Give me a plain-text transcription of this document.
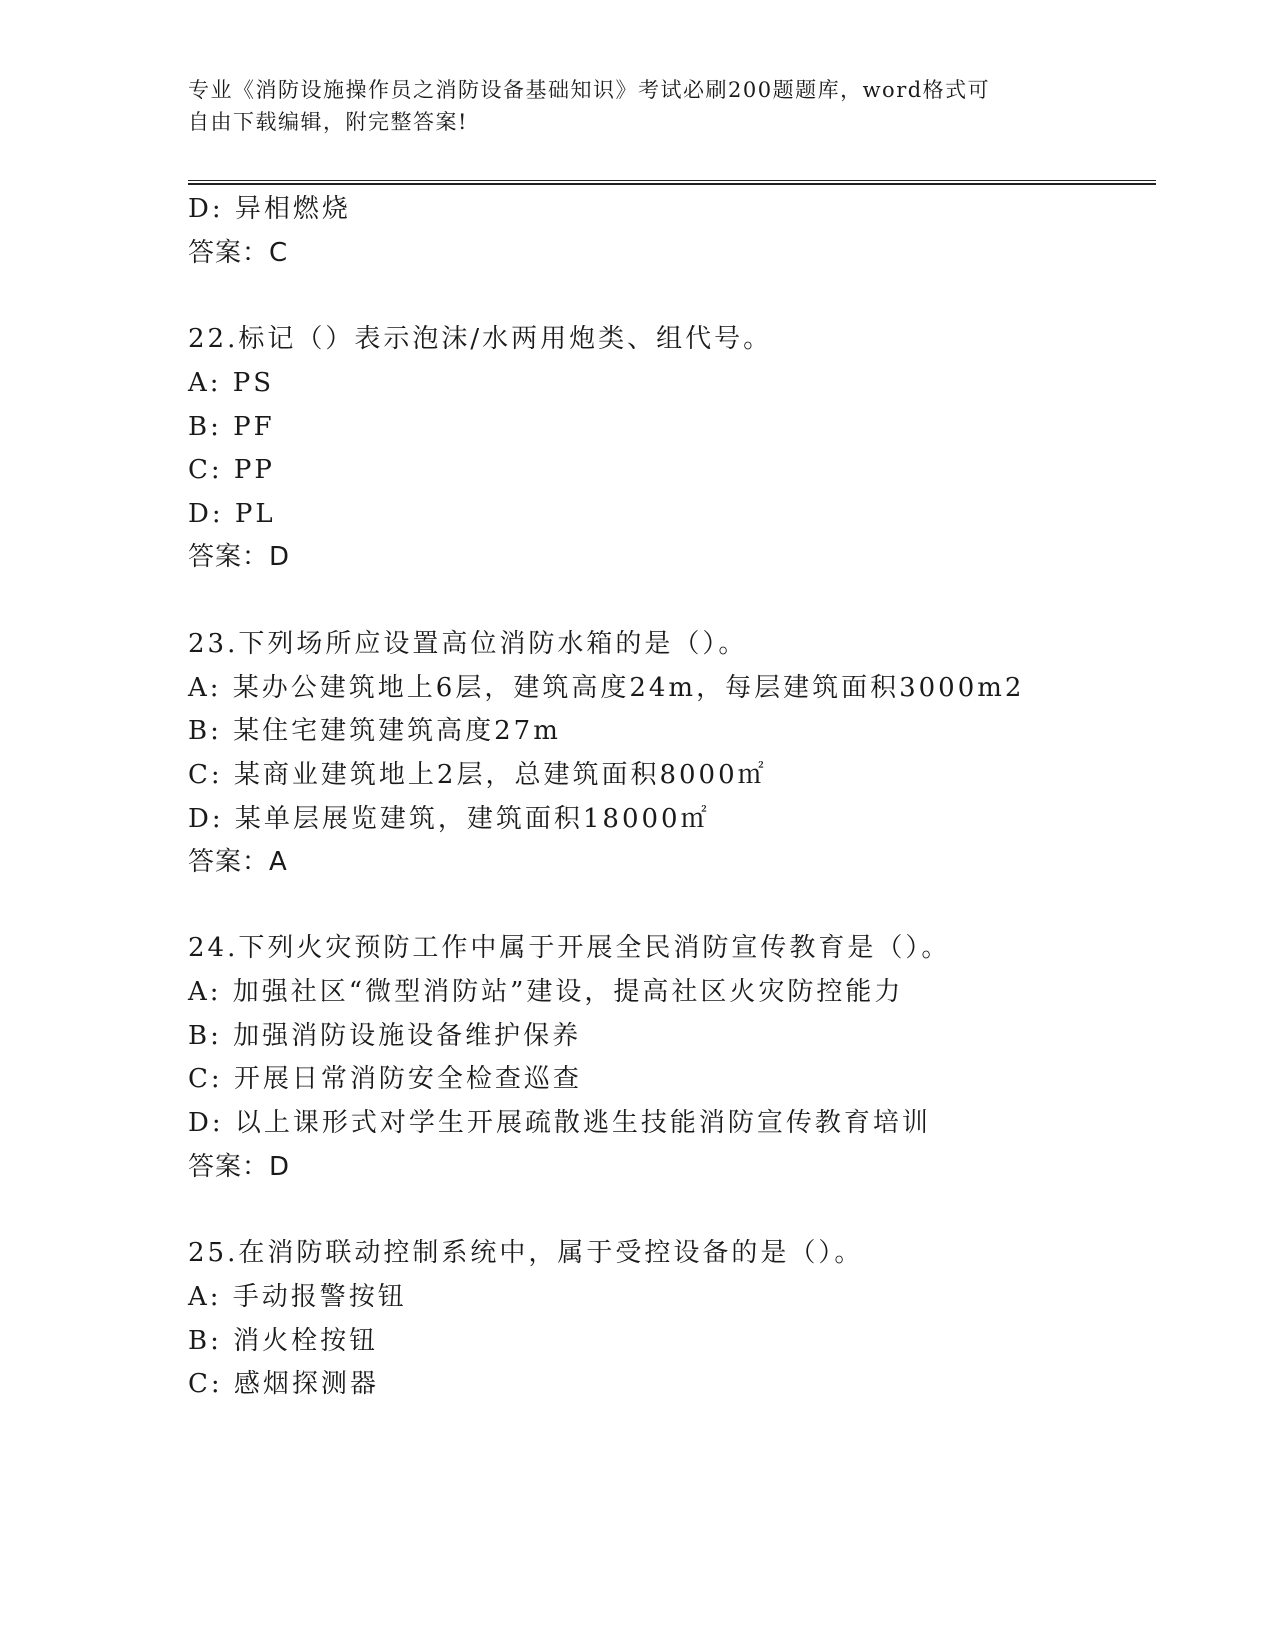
专业《消防设施操作员之消防设备基础知识》考试必刷200题题库，word格式可
自由下载编辑，附完整答案!
D: 异相燃烧
答案：C
22.标记（）表示泡沫/水两用炮类、组代号。
A: PS
B: PF
C: PP
D: PL
答案：D
23.下列场所应设置高位消防水箱的是（）。
A: 某办公建筑地上6层，建筑高度24m，每层建筑面积3000m2
B: 某住宅建筑建筑高度27m
C: 某商业建筑地上2层，总建筑面积8000㎡
D: 某单层展览建筑，建筑面积18000㎡
答案：A
24.下列火灾预防工作中属于开展全民消防宣传教育是（）。
A: 加强社区“微型消防站”建设，提高社区火灾防控能力
B: 加强消防设施设备维护保养
C: 开展日常消防安全检查巡查
D: 以上课形式对学生开展疏散逃生技能消防宣传教育培训
答案：D
25.在消防联动控制系统中，属于受控设备的是（）。
A: 手动报警按钮
B: 消火栓按钮
C: 感烟探测器
